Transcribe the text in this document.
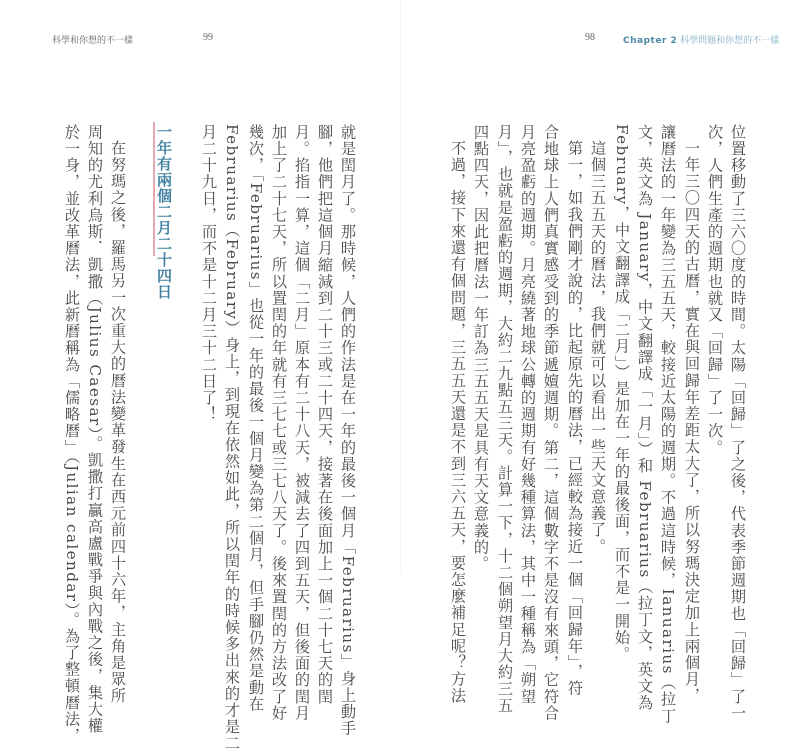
科學和你想的不一樣	99	98	Chapter 2 科學問題和你想的不一樣
位置移動了三六〇度的時間。太陽「回歸」了之後，代表季節週期也「回歸」了一
次，人們生產的週期也就又「回歸」了一次。
一年三〇四天的古曆，實在與回歸年差距太大了，所以努瑪決定加上兩個月，
讓曆法的一年變為三五五天，較接近太陽的週期。不過這時候，Ianuarius（拉丁
文，英文為 January，中文翻譯成「一月」）和 Februarius（拉丁文，英文為
February，中文翻譯成「二月」）是加在一年的最後面，而不是一開始。
這個三五五天的曆法，我們就可以看出一些天文意義了。
第一，如我們剛才說的，比起原先的曆法，已經較為接近一個「回歸年」，符
合地球上人們真實感受到的季節遞嬗週期。第二，這個數字不是沒有來頭，它符合
月亮盈虧的週期。月亮繞著地球公轉的週期有好幾種算法，其中一種稱為「朔望
月」，也就是盈虧的週期，大約二九點五三天。計算一下，十二個朔望月大約三五
四點四天，因此把曆法一年訂為三五五天是具有天文意義的。
不過，接下來還有個問題，三五五天還是不到三六五天，要怎麼補足呢？方法
就是閏月了。那時候，人們的作法是在一年的最後一個月「Februarius」身上動手
腳，他們把這個月縮減到二十三或二十四天，接著在後面加上一個二十七天的閏
月。掐指一算，這個「二月」原本有二十八天，被減去了四到五天，但後面的閏月
加上了二十七天，所以置閏的年就有三七七或三七八天了。後來置閏的方法改了好
幾次，「Februarius」也從一年的最後一個月變為第二個月，但手腳仍然是動在
Februarius（February）身上，到現在依然如此，所以閏年的時候多出來的才是二
月二十九日，而不是十二月三十二日了！
一年有兩個二月二十四日
在努瑪之後，羅馬另一次重大的曆法變革發生在西元前四十六年，主角是眾所
周知的尤利烏斯．凱撒（Julius Caesar）。凱撒打贏高盧戰爭與內戰之後，集大權
於一身，並改革曆法，此新曆稱為「儒略曆」（Julian calendar）。為了整頓曆法，
